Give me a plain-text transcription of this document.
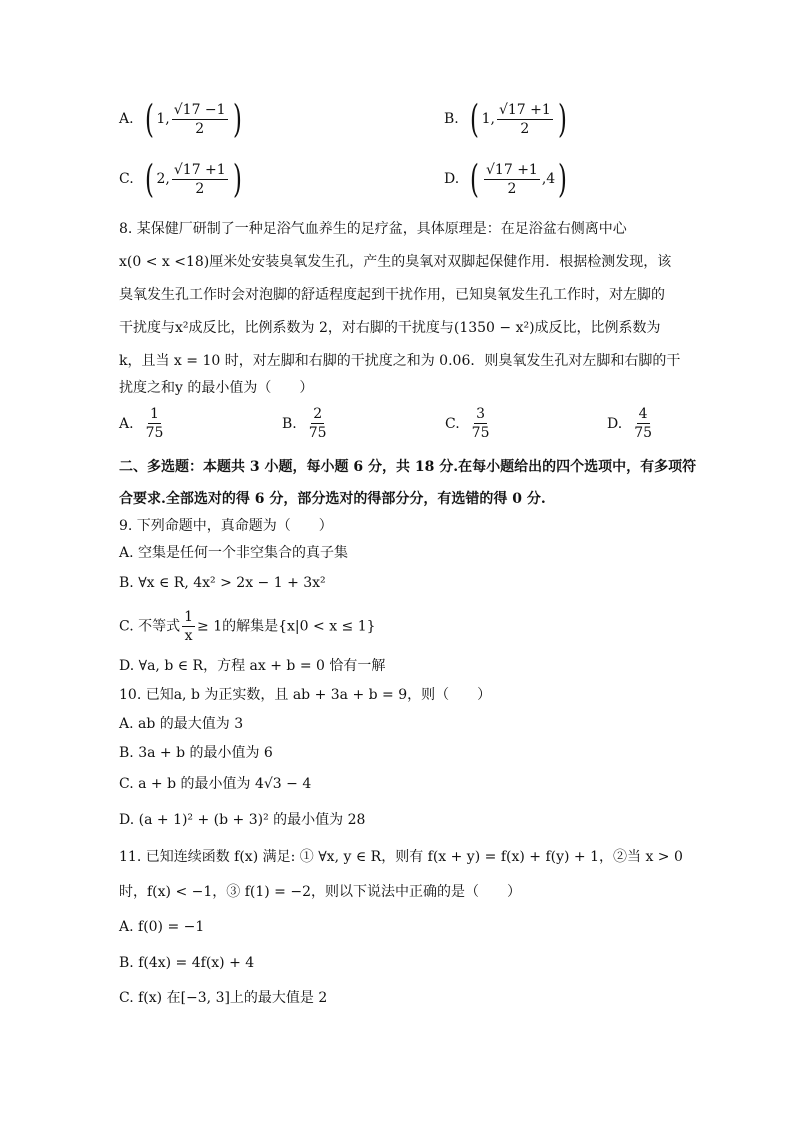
A. ( 1, $\frac{√17 -1}{2}$ )	B. ( 1, $\frac{√17 +1}{2}$ )
C. ( 2, $\frac{√17 +1}{2}$ )	D. ( $\frac{√17 +1}{2} ,4$)
8. 某保健厂研制了一种足浴气血养生的足疗盆，具体原理是：在足浴盆右侧离中心
x(0 < x <18)厘米处安装臭氧发生孔，产生的臭氧对双脚起保健作用．根据检测发现，该
臭氧发生孔工作时会对泡脚的舒适程度起到干扰作用，已知臭氧发生孔工作时，对左脚的
干扰度与x²成反比，比例系数为 2，对右脚的干扰度与(1350 − x²)成反比，比例系数为
k，且当 x = 10 时，对左脚和右脚的干扰度之和为 0.06．则臭氧发生孔对左脚和右脚的干
扰度之和y 的最小值为（　　）
A. $\frac{1}{75}$	B. $\frac{2}{75}$	C. $\frac{3}{75}$	D. $\frac{4}{75}$
二、多选题：本题共 3 小题，每小题 6 分，共 18 分.在每小题给出的四个选项中，有多项符
合要求.全部选对的得 6 分，部分选对的得部分分，有选错的得 0 分.
9. 下列命题中，真命题为（　　）
A. 空集是任何一个非空集合的真子集
B. ∀x ∈ R, 4x² > 2x − 1 + 3x²
C. 不等式 $\frac{1}{x} \ge 1$的解集是{x|0 < x ≤ 1}
D. ∀a, b ∈ R，方程 ax + b = 0 恰有一解
10. 已知a, b 为正实数，且 ab + 3a + b = 9，则（　　）
A. ab 的最大值为 3
B. 3a + b 的最小值为 6
C. a + b 的最小值为 4√3 − 4
D. (a + 1)² + (b + 3)² 的最小值为 28
11. 已知连续函数 f(x) 满足: ① ∀x, y ∈ R，则有 f(x + y) = f(x) + f(y) + 1，②当 x > 0
时，f(x) < −1，③ f(1) = −2，则以下说法中正确的是（　　）
A. f(0) = −1
B. f(4x) = 4f(x) + 4
C. f(x) 在[−3, 3]上的最大值是 2
